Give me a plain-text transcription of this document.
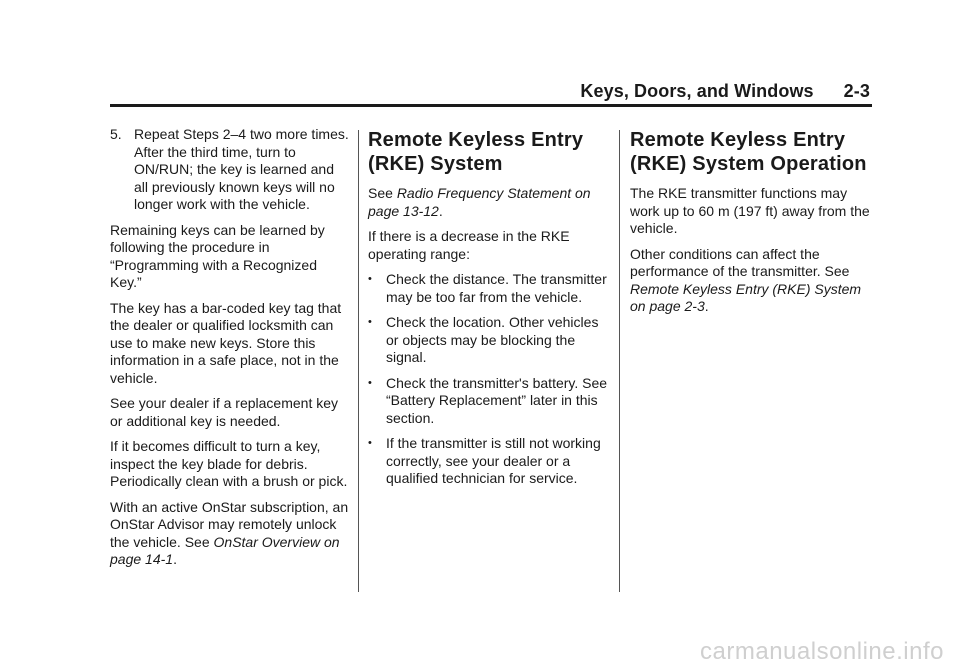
Keys, Doors, and Windows 2-3
5. Repeat Steps 2–4 two more times. After the third time, turn to ON/RUN; the key is learned and all previously known keys will no longer work with the vehicle.

Remaining keys can be learned by following the procedure in “Programming with a Recognized Key.”

The key has a bar-coded key tag that the dealer or qualified locksmith can use to make new keys. Store this information in a safe place, not in the vehicle.

See your dealer if a replacement key or additional key is needed.

If it becomes difficult to turn a key, inspect the key blade for debris. Periodically clean with a brush or pick.

With an active OnStar subscription, an OnStar Advisor may remotely unlock the vehicle. See OnStar Overview on page 14-1.

Remote Keyless Entry (RKE) System

See Radio Frequency Statement on page 13-12.

If there is a decrease in the RKE operating range:

•	Check the distance. The transmitter may be too far from the vehicle.
•	Check the location. Other vehicles or objects may be blocking the signal.
•	Check the transmitter's battery. See “Battery Replacement” later in this section.
•	If the transmitter is still not working correctly, see your dealer or a qualified technician for service.
Remote Keyless Entry (RKE) System Operation

The RKE transmitter functions may work up to 60 m (197 ft) away from the vehicle.

Other conditions can affect the performance of the transmitter. See Remote Keyless Entry (RKE) System on page 2-3.

carmanualsonline.info
